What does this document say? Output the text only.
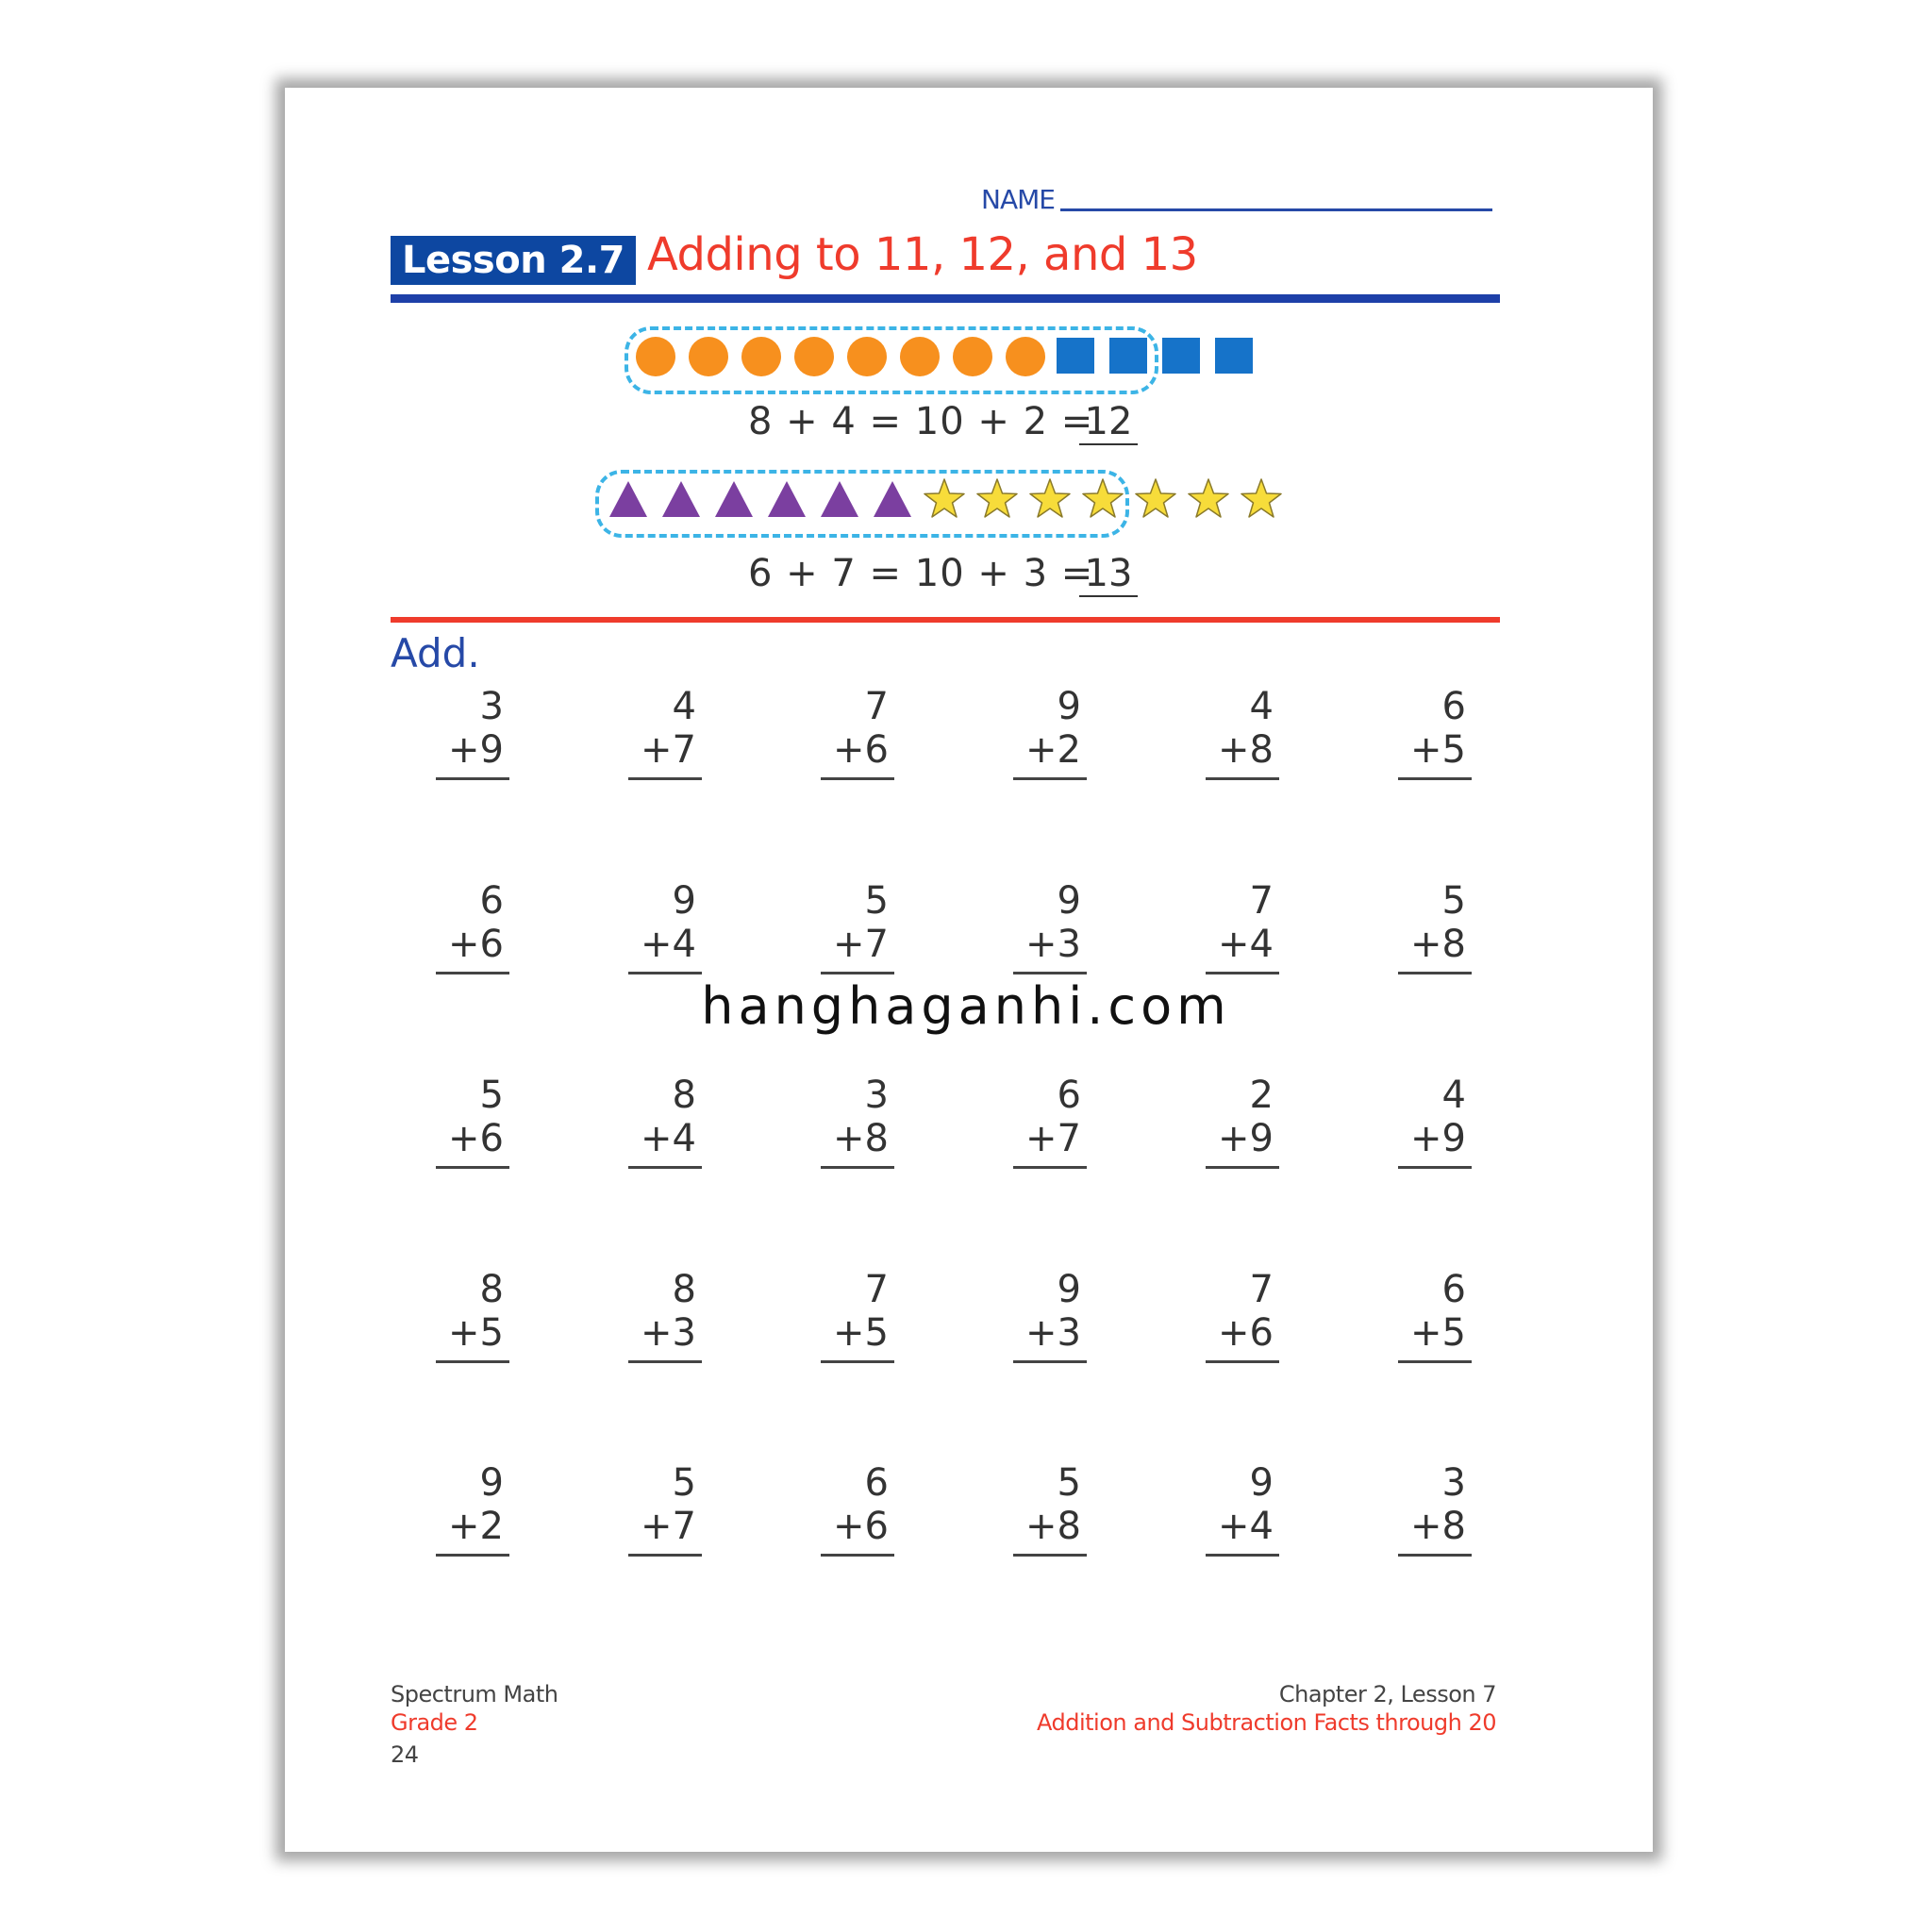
NAME
Lesson 2.7 Adding to 11, 12, and 13
8 + 4 = 10 + 2 =
12
6 + 7 = 10 + 3 =
13
Add.
3
+9
4
+7
7
+6
9
+2
4
+8
6
+5
6
+6
9
+4
5
+7
9
+3
7
+4
5
+8
5
+6
8
+4
3
+8
6
+7
2
+9
4
+9
8
+5
8
+3
7
+5
9
+3
7
+6
6
+5
9
+2
5
+7
6
+6
5
+8
9
+4
3
+8
hanghaganhi.com
Spectrum Math
Grade 2
24
Chapter 2, Lesson 7
Addition and Subtraction Facts through 20
